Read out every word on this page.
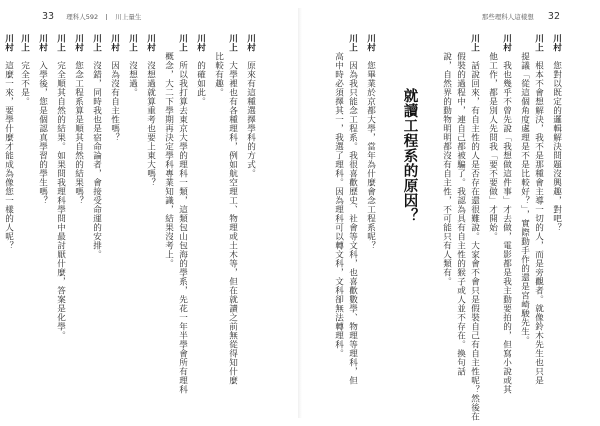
33 理科人592	川上量生	那些理科人這樣想 32
川村您對以既定的邏輯解決問題沒興趣，對吧？
川上根本不會想解決，我不是那種會主導一切的人，而是旁觀者。就像鈴木先生也只是
提議「從這個角度處理是不是比較好？」，實際動手作的還是宮崎駿先生。
川村我也幾乎不曾先說「我想做這件事」才去做，電影都是我主動要拍的，但寫小說或其
他工作，都是別人先問我「要不要做」才開始。
川上話說回來，有自主性的人是否存在還很難說。大家會不會只是假裝自己有自主性呢？然後在
假裝的過程中，連自己都被騙了。我認為具有自主性的猴子或人並不存在。換句話
說，自然界的動物明明都沒有自主性，不可能只有人類有。
就讀工程系的原因？
川村您畢業於京都大學，當年為什麼會念工程系呢？
川上因為我只能念工程系。我很喜歡歷史、社會等文科，也喜歡數學、物理等理科，但
高中時必須擇其一，我選了理科。因為理科可以轉文科，文科卻無法轉理科。
川村原來有這種選擇學科的方式。
川上大學裡也有各種理科，例如航空理工、物理或土木等，但在就讀之前無從得知什麼
比較有趣。
川村的確如此。
川上所以我打算去東京大學的理科一類，這類包山包海的學系，先花一年半學會所有理科
概念，大二下學期再決定學科專業知識，結果沒考上。
川村沒想過就算重考也要上東大嗎？
川上沒想過。
川村因為沒有自主性嗎？
川上沒錯，同時我也是宿命論者，會接受命運的安排。
川村您念工程系算是順其自然的結果嗎？
川上完全順其自然的結果。如果問我理科學問中最討厭什麼，答案是化學。
川村入學後，您是個認真學習的學生嗎？
川上完全不是。
川村這麼一來，要學什麼才能成為像您一樣的人呢？
